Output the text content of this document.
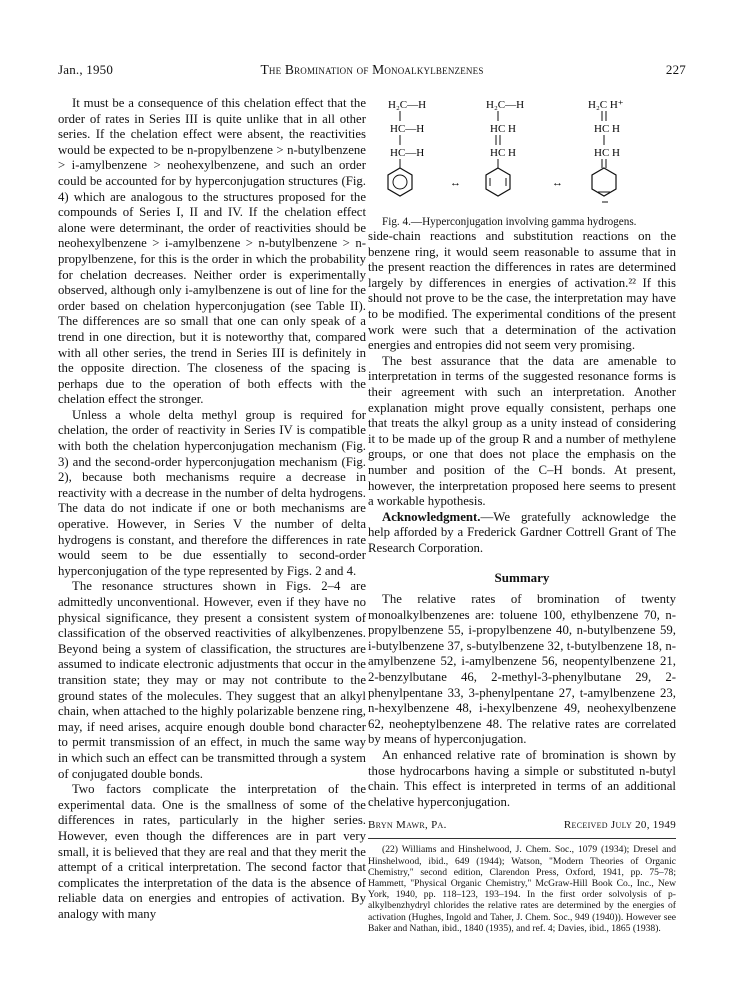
Jan., 1950	The Bromination of Monoalkylbenzenes	227

It must be a consequence of this chelation effect that the order of rates in Series III is quite unlike that in all other series. If the chelation effect were absent, the reactivities would be expected to be n-propylbenzene > n-butylbenzene > i-amylbenzene > neohexylbenzene, and such an order could be accounted for by hyperconjugation structures (Fig. 4) which are analogous to the structures proposed for the compounds of Series I, II and IV. If the chelation effect alone were determinant, the order of reactivities should be neohexylbenzene > i-amylbenzene > n-butylbenzene > n-propylbenzene, for this is the order in which the probability for chelation decreases. Neither order is experimentally observed, although only i-amylbenzene is out of line for the order based on chelation hyperconjugation (see Table II). The differences are so small that one can only speak of a trend in one direction, but it is noteworthy that, compared with all other series, the trend in Series III is definitely in the opposite direction. The closeness of the spacing is perhaps due to the operation of both effects with the chelation effect the stronger.

Unless a whole delta methyl group is required for chelation, the order of reactivity in Series IV is compatible with both the chelation hyperconjugation mechanism (Fig. 3) and the second-order hyperconjugation mechanism (Fig. 2), because both mechanisms require a decrease in reactivity with a decrease in the number of delta hydrogens. The data do not indicate if one or both mechanisms are operative. However, in Series V the number of delta hydrogens is constant, and therefore the differences in rate would seem to be due essentially to second-order hyperconjugation of the type represented by Figs. 2 and 4.

The resonance structures shown in Figs. 2–4 are admittedly unconventional. However, even if they have no physical significance, they present a consistent system of classification of the observed reactivities of alkylbenzenes. Beyond being a system of classification, the structures are assumed to indicate electronic adjustments that occur in the transition state; they may or may not contribute to the ground states of the molecules. They suggest that an alkyl chain, when attached to the highly polarizable benzene ring, may, if need arises, acquire enough double bond character to permit transmission of an effect, in much the same way in which such an effect can be transmitted through a system of conjugated double bonds.

Two factors complicate the interpretation of the experimental data. One is the smallness of some of the differences in rates, particularly in the higher series. However, even though the differences are in part very small, it is believed that they are real and that they merit the attempt of a critical interpretation. The second factor that complicates the interpretation of the data is the absence of reliable data on energies and entropies of activation. By analogy with many

H₂C—H
HC—H
HC—H
↔
H₂C—H
HC H
HC H
↔
H₂C H⁺
HC H
HC H

Fig. 4.—Hyperconjugation involving gamma hydrogens.

side-chain reactions and substitution reactions on the benzene ring, it would seem reasonable to assume that in the present reaction the differences in rates are determined largely by differences in energies of activation.²² If this should not prove to be the case, the interpretation may have to be modified. The experimental conditions of the present work were such that a determination of the activation energies and entropies did not seem very promising.

The best assurance that the data are amenable to interpretation in terms of the suggested resonance forms is their agreement with such an interpretation. Another explanation might prove equally consistent, perhaps one that treats the alkyl group as a unity instead of considering it to be made up of the group R and a number of methylene groups, or one that does not place the emphasis on the number and position of the C–H bonds. At present, however, the interpretation proposed here seems to present a workable hypothesis.

Acknowledgment.—We gratefully acknowledge the help afforded by a Frederick Gardner Cottrell Grant of The Research Corporation.

Summary

The relative rates of bromination of twenty monoalkylbenzenes are: toluene 100, ethylbenzene 70, n-propylbenzene 55, i-propylbenzene 40, n-butylbenzene 59, i-butylbenzene 37, s-butylbenzene 32, t-butylbenzene 18, n-amylbenzene 52, i-amylbenzene 56, neopentylbenzene 21, 2-benzylbutane 46, 2-methyl-3-phenylbutane 29, 2-phenylpentane 33, 3-phenylpentane 27, t-amylbenzene 23, n-hexylbenzene 48, i-hexylbenzene 49, neohexylbenzene 62, neoheptylbenzene 48. The relative rates are correlated by means of hyperconjugation.

An enhanced relative rate of bromination is shown by those hydrocarbons having a simple or substituted n-butyl chain. This effect is interpreted in terms of an additional chelative hyperconjugation.

Bryn Mawr, Pa.	Received July 20, 1949

(22) Williams and Hinshelwood, J. Chem. Soc., 1079 (1934); Dresel and Hinshelwood, ibid., 649 (1944); Watson, "Modern Theories of Organic Chemistry," second edition, Clarendon Press, Oxford, 1941, pp. 75–78; Hammett, "Physical Organic Chemistry," McGraw-Hill Book Co., Inc., New York, 1940, pp. 118–123, 193–194. In the first order solvolysis of p-alkylbenzhydryl chlorides the relative rates are determined by the energies of activation (Hughes, Ingold and Taher, J. Chem. Soc., 949 (1940)). However see Baker and Nathan, ibid., 1840 (1935), and ref. 4; Davies, ibid., 1865 (1938).
